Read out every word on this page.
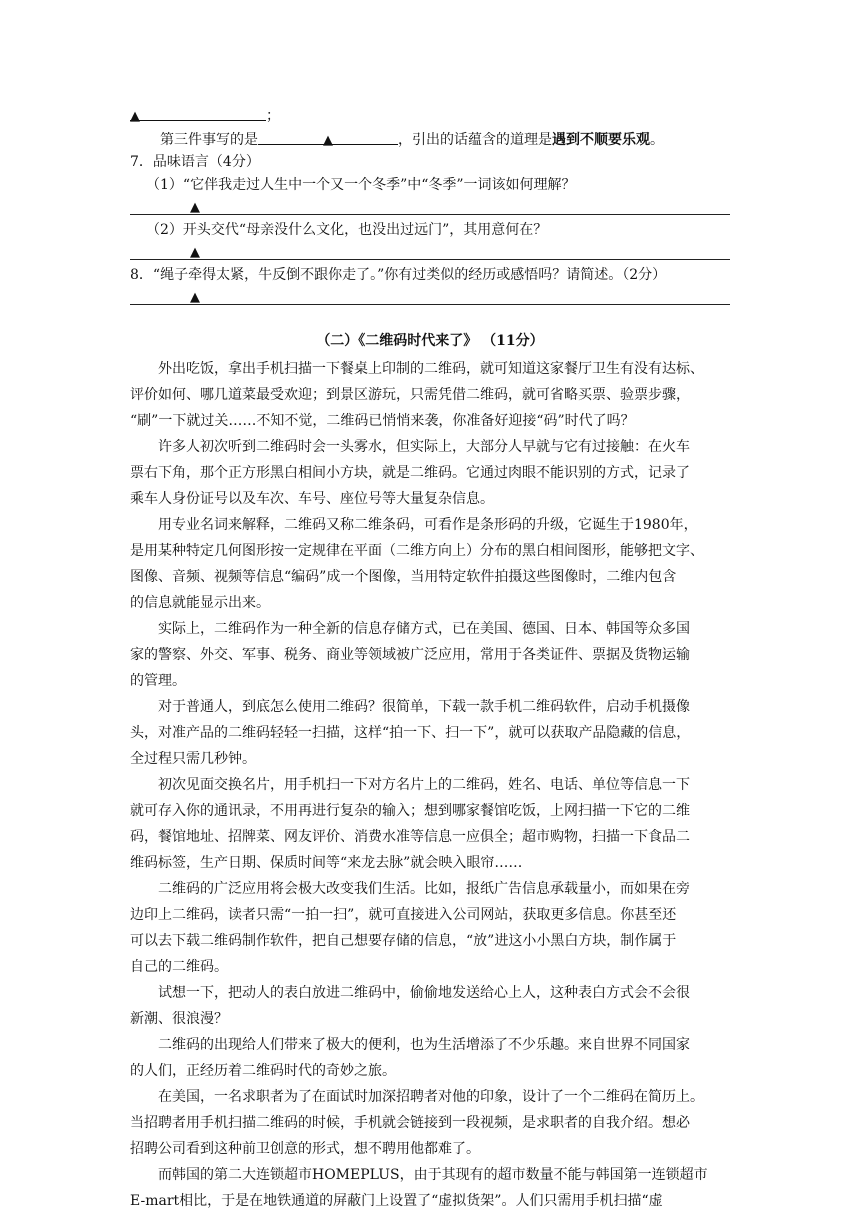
▲	；
第三件事写的是	▲	，引出的话蕴含的道理是遇到不顺要乐观。
7．品味语言（4分）
（1）“它伴我走过人生中一个又一个冬季”中“冬季”一词该如何理解？
▲
（2）开头交代“母亲没什么文化，也没出过远门”，其用意何在？
▲
8．“绳子牵得太紧，牛反倒不跟你走了。”你有过类似的经历或感悟吗？请简述。（2分）
▲
（二）《二维码时代来了》 （11分）
外出吃饭，拿出手机扫描一下餐桌上印制的二维码，就可知道这家餐厅卫生有没有达标、
评价如何、哪几道菜最受欢迎；到景区游玩，只需凭借二维码，就可省略买票、验票步骤，
“刷”一下就过关……不知不觉，二维码已悄悄来袭，你准备好迎接“码”时代了吗？
许多人初次听到二维码时会一头雾水，但实际上，大部分人早就与它有过接触：在火车
票右下角，那个正方形黑白相间小方块，就是二维码。它通过肉眼不能识别的方式，记录了
乘车人身份证号以及车次、车号、座位号等大量复杂信息。
用专业名词来解释，二维码又称二维条码，可看作是条形码的升级，它诞生于1980年，
是用某种特定几何图形按一定规律在平面（二维方向上）分布的黑白相间图形，能够把文字、
图像、音频、视频等信息“编码”成一个图像，当用特定软件拍摄这些图像时，二维内包含
的信息就能显示出来。
实际上，二维码作为一种全新的信息存储方式，已在美国、德国、日本、韩国等众多国
家的警察、外交、军事、税务、商业等领域被广泛应用，常用于各类证件、票据及货物运输
的管理。
对于普通人，到底怎么使用二维码？很简单，下载一款手机二维码软件，启动手机摄像
头，对准产品的二维码轻轻一扫描，这样“拍一下、扫一下”，就可以获取产品隐藏的信息，
全过程只需几秒钟。
初次见面交换名片，用手机扫一下对方名片上的二维码，姓名、电话、单位等信息一下
就可存入你的通讯录，不用再进行复杂的输入；想到哪家餐馆吃饭，上网扫描一下它的二维
码，餐馆地址、招牌菜、网友评价、消费水准等信息一应俱全；超市购物，扫描一下食品二
维码标签，生产日期、保质时间等“来龙去脉”就会映入眼帘……
二维码的广泛应用将会极大改变我们生活。比如，报纸广告信息承载量小，而如果在旁
边印上二维码，读者只需“一拍一扫”，就可直接进入公司网站，获取更多信息。你甚至还
可以去下载二维码制作软件，把自己想要存储的信息，“放”进这小小黑白方块，制作属于
自己的二维码。
试想一下，把动人的表白放进二维码中，偷偷地发送给心上人，这种表白方式会不会很
新潮、很浪漫？
二维码的出现给人们带来了极大的便利，也为生活增添了不少乐趣。来自世界不同国家
的人们，正经历着二维码时代的奇妙之旅。
在美国，一名求职者为了在面试时加深招聘者对他的印象，设计了一个二维码在简历上。
当招聘者用手机扫描二维码的时候，手机就会链接到一段视频，是求职者的自我介绍。想必
招聘公司看到这种前卫创意的形式，想不聘用他都难了。
而韩国的第二大连锁超市HOMEPLUS，由于其现有的超市数量不能与韩国第一连锁超市
E-mart相比，于是在地铁通道的屏蔽门上设置了“虚拟货架”。人们只需用手机扫描“虚
